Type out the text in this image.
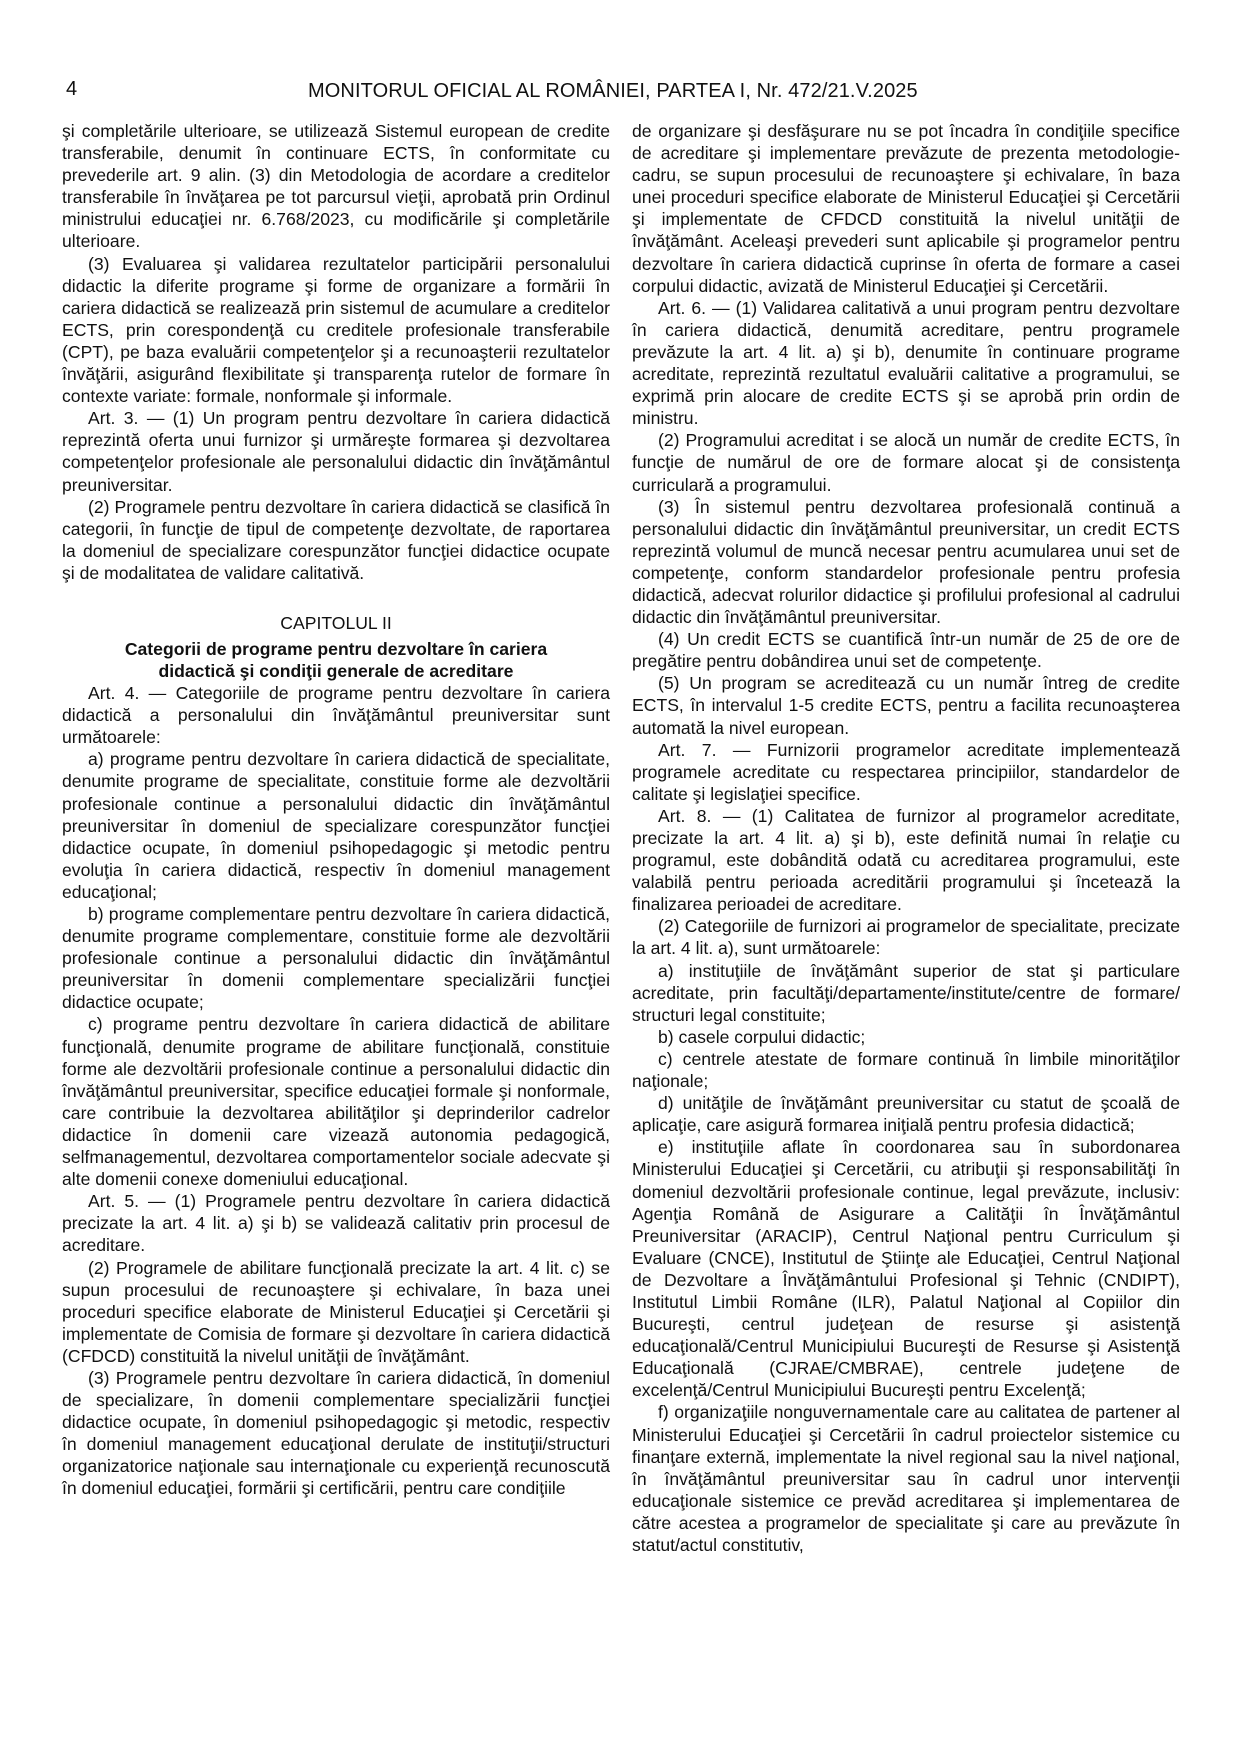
4	MONITORUL OFICIAL AL ROMÂNIEI, PARTEA I, Nr. 472/21.V.2025

şi completările ulterioare, se utilizează Sistemul european de credite transferabile, denumit în continuare ECTS, în conformitate cu prevederile art. 9 alin. (3) din Metodologia de acordare a creditelor transferabile în învăţarea pe tot parcursul vieţii, aprobată prin Ordinul ministrului educaţiei nr. 6.768/2023, cu modificările şi completările ulterioare.

(3) Evaluarea şi validarea rezultatelor participării personalului didactic la diferite programe şi forme de organizare a formării în cariera didactică se realizează prin sistemul de acumulare a creditelor ECTS, prin corespondenţă cu creditele profesionale transferabile (CPT), pe baza evaluării competenţelor şi a recunoaşterii rezultatelor învăţării, asigurând flexibilitate şi transparenţa rutelor de formare în contexte variate: formale, nonformale şi informale.

Art. 3. — (1) Un program pentru dezvoltare în cariera didactică reprezintă oferta unui furnizor şi urmăreşte formarea şi dezvoltarea competenţelor profesionale ale personalului didactic din învăţământul preuniversitar.

(2) Programele pentru dezvoltare în cariera didactică se clasifică în categorii, în funcţie de tipul de competenţe dezvoltate, de raportarea la domeniul de specializare corespunzător funcţiei didactice ocupate şi de modalitatea de validare calitativă.

CAPITOLUL II
Categorii de programe pentru dezvoltare în cariera
didactică şi condiţii generale de acreditare

Art. 4. — Categoriile de programe pentru dezvoltare în cariera didactică a personalului din învăţământul preuniversitar sunt următoarele:

a) programe pentru dezvoltare în cariera didactică de specialitate, denumite programe de specialitate, constituie forme ale dezvoltării profesionale continue a personalului didactic din învăţământul preuniversitar în domeniul de specializare corespunzător funcţiei didactice ocupate, în domeniul psihopedagogic şi metodic pentru evoluţia în cariera didactică, respectiv în domeniul management educaţional;

b) programe complementare pentru dezvoltare în cariera didactică, denumite programe complementare, constituie forme ale dezvoltării profesionale continue a personalului didactic din învăţământul preuniversitar în domenii complementare specializării funcţiei didactice ocupate;

c) programe pentru dezvoltare în cariera didactică de abilitare funcţională, denumite programe de abilitare funcţională, constituie forme ale dezvoltării profesionale continue a personalului didactic din învăţământul preuniversitar, specifice educaţiei formale şi nonformale, care contribuie la dezvoltarea abilităţilor şi deprinderilor cadrelor didactice în domenii care vizează autonomia pedagogică, selfmanagementul, dezvoltarea comportamentelor sociale adecvate şi alte domenii conexe domeniului educaţional.

Art. 5. — (1) Programele pentru dezvoltare în cariera didactică precizate la art. 4 lit. a) şi b) se validează calitativ prin procesul de acreditare.

(2) Programele de abilitare funcţională precizate la art. 4 lit. c) se supun procesului de recunoaştere şi echivalare, în baza unei proceduri specifice elaborate de Ministerul Educaţiei şi Cercetării şi implementate de Comisia de formare şi dezvoltare în cariera didactică (CFDCD) constituită la nivelul unităţii de învăţământ.

(3) Programele pentru dezvoltare în cariera didactică, în domeniul de specializare, în domenii complementare specializării funcţiei didactice ocupate, în domeniul psihopedagogic şi metodic, respectiv în domeniul management educaţional derulate de instituţii/structuri organizatorice naţionale sau internaţionale cu experienţă recunoscută în domeniul educaţiei, formării şi certificării, pentru care condiţiile

de organizare şi desfăşurare nu se pot încadra în condiţiile specifice de acreditare şi implementare prevăzute de prezenta metodologie-cadru, se supun procesului de recunoaştere şi echivalare, în baza unei proceduri specifice elaborate de Ministerul Educaţiei şi Cercetării şi implementate de CFDCD constituită la nivelul unităţii de învăţământ. Aceleaşi prevederi sunt aplicabile şi programelor pentru dezvoltare în cariera didactică cuprinse în oferta de formare a casei corpului didactic, avizată de Ministerul Educaţiei şi Cercetării.

Art. 6. — (1) Validarea calitativă a unui program pentru dezvoltare în cariera didactică, denumită acreditare, pentru programele prevăzute la art. 4 lit. a) şi b), denumite în continuare programe acreditate, reprezintă rezultatul evaluării calitative a programului, se exprimă prin alocare de credite ECTS şi se aprobă prin ordin de ministru.

(2) Programului acreditat i se alocă un număr de credite ECTS, în funcţie de numărul de ore de formare alocat şi de consistenţa curriculară a programului.

(3) În sistemul pentru dezvoltarea profesională continuă a personalului didactic din învăţământul preuniversitar, un credit ECTS reprezintă volumul de muncă necesar pentru acumularea unui set de competenţe, conform standardelor profesionale pentru profesia didactică, adecvat rolurilor didactice şi profilului profesional al cadrului didactic din învăţământul preuniversitar.

(4) Un credit ECTS se cuantifică într-un număr de 25 de ore de pregătire pentru dobândirea unui set de competenţe.

(5) Un program se acreditează cu un număr întreg de credite ECTS, în intervalul 1-5 credite ECTS, pentru a facilita recunoaşterea automată la nivel european.

Art. 7. — Furnizorii programelor acreditate implementează programele acreditate cu respectarea principiilor, standardelor de calitate şi legislaţiei specifice.

Art. 8. — (1) Calitatea de furnizor al programelor acreditate, precizate la art. 4 lit. a) şi b), este definită numai în relaţie cu programul, este dobândită odată cu acreditarea programului, este valabilă pentru perioada acreditării programului şi încetează la finalizarea perioadei de acreditare.

(2) Categoriile de furnizori ai programelor de specialitate, precizate la art. 4 lit. a), sunt următoarele:

a) instituţiile de învăţământ superior de stat şi particulare acreditate, prin facultăţi/departamente/institute/centre de formare/ structuri legal constituite;

b) casele corpului didactic;

c) centrele atestate de formare continuă în limbile minorităţilor naţionale;

d) unităţile de învăţământ preuniversitar cu statut de şcoală de aplicaţie, care asigură formarea iniţială pentru profesia didactică;

e) instituţiile aflate în coordonarea sau în subordonarea Ministerului Educaţiei şi Cercetării, cu atribuţii şi responsabilităţi în domeniul dezvoltării profesionale continue, legal prevăzute, inclusiv: Agenţia Română de Asigurare a Calităţii în Învăţământul Preuniversitar (ARACIP), Centrul Naţional pentru Curriculum şi Evaluare (CNCE), Institutul de Ştiinţe ale Educaţiei, Centrul Naţional de Dezvoltare a Învăţământului Profesional şi Tehnic (CNDIPT), Institutul Limbii Române (ILR), Palatul Naţional al Copiilor din Bucureşti, centrul judeţean de resurse şi asistenţă educaţională/Centrul Municipiului Bucureşti de Resurse şi Asistenţă Educaţională (CJRAE/CMBRAE), centrele judeţene de excelenţă/Centrul Municipiului Bucureşti pentru Excelenţă;

f) organizaţiile nonguvernamentale care au calitatea de partener al Ministerului Educaţiei şi Cercetării în cadrul proiectelor sistemice cu finanţare externă, implementate la nivel regional sau la nivel naţional, în învăţământul preuniversitar sau în cadrul unor intervenţii educaţionale sistemice ce prevăd acreditarea şi implementarea de către acestea a programelor de specialitate şi care au prevăzute în statut/actul constitutiv,
